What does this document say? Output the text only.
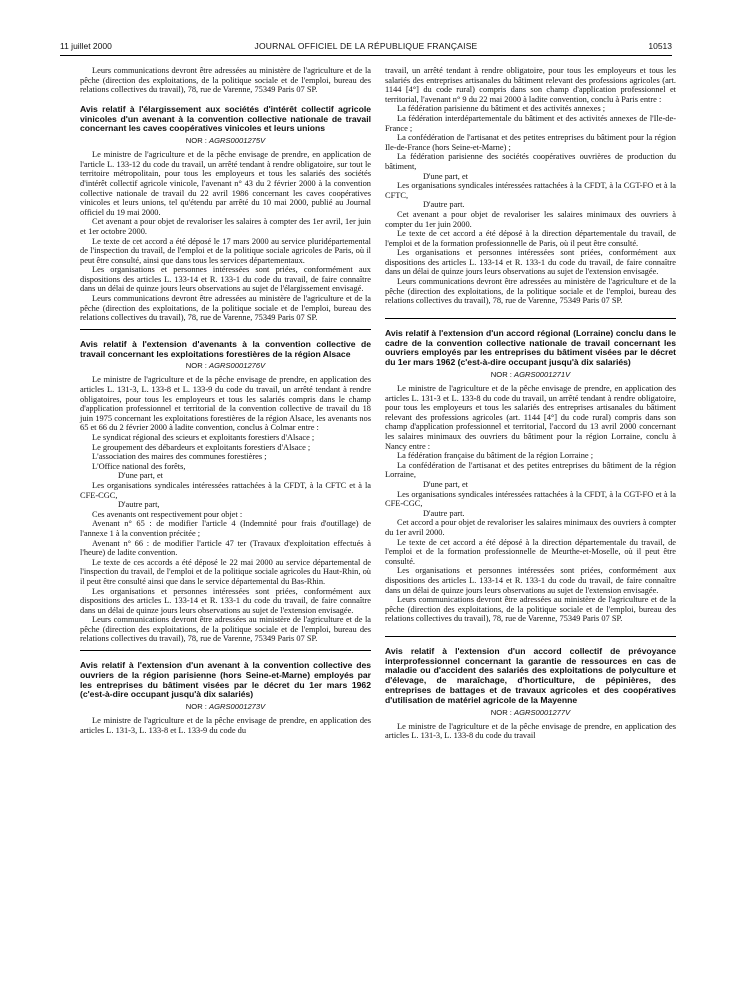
11 juillet 2000	JOURNAL OFFICIEL DE LA RÉPUBLIQUE FRANÇAISE	10513

Leurs communications devront être adressées au ministère de l'agriculture et de la pêche (direction des exploitations, de la politique sociale et de l'emploi, bureau des relations collectives du travail), 78, rue de Varenne, 75349 Paris 07 SP.

Avis relatif à l'élargissement aux sociétés d'intérêt collectif agricole vinicoles d'un avenant à la convention collective nationale de travail concernant les caves coopératives vinicoles et leurs unions
NOR : AGRS0001275V

Le ministre de l'agriculture et de la pêche envisage de prendre, en application de l'article L. 133-12 du code du travail, un arrêté tendant à rendre obligatoire, sur tout le territoire métropolitain, pour tous les employeurs et tous les salariés des sociétés d'intérêt collectif agricole vinicole, l'avenant n° 43 du 2 février 2000 à la convention collective nationale de travail du 22 avril 1986 concernant les caves coopératives vinicoles et leurs unions, tel qu'étendu par arrêté du 10 mai 2000, publié au Journal officiel du 19 mai 2000.

Cet avenant a pour objet de revaloriser les salaires à compter des 1er avril, 1er juin et 1er octobre 2000.

Le texte de cet accord a été déposé le 17 mars 2000 au service pluridépartemental de l'inspection du travail, de l'emploi et de la politique sociale agricoles de Paris, où il peut être consulté, ainsi que dans tous les services départementaux.

Les organisations et personnes intéressées sont priées, conformément aux dispositions des articles L. 133-14 et R. 133-1 du code du travail, de faire connaître dans un délai de quinze jours leurs observations au sujet de l'élargissement envisagé.

Leurs communications devront être adressées au ministère de l'agriculture et de la pêche (direction des exploitations, de la politique sociale et de l'emploi, bureau des relations collectives du travail), 78, rue de Varenne, 75349 Paris 07 SP.

Avis relatif à l'extension d'avenants à la convention collective de travail concernant les exploitations forestières de la région Alsace
NOR : AGRS0001276V

Le ministre de l'agriculture et de la pêche envisage de prendre, en application des articles L. 131-3, L. 133-8 et L. 133-9 du code du travail, un arrêté tendant à rendre obligatoires, pour tous les employeurs et tous les salariés compris dans le champ d'application professionnel et territorial de la convention collective de travail du 18 juin 1975 concernant les exploitations forestières de la région Alsace, les avenants nos 65 et 66 du 2 février 2000 à ladite convention, conclus à Colmar entre :

Le syndicat régional des scieurs et exploitants forestiers d'Alsace ;

Le groupement des débardeurs et exploitants forestiers d'Alsace ;

L'association des maires des communes forestières ;

L'Office national des forêts,

D'une part, et

Les organisations syndicales intéressées rattachées à la CFDT, à la CFTC et à la CFE-CGC,

D'autre part,

Ces avenants ont respectivement pour objet :

Avenant n° 65 : de modifier l'article 4 (Indemnité pour frais d'outillage) de l'annexe 1 à la convention précitée ;

Avenant n° 66 : de modifier l'article 47 ter (Travaux d'exploitation effectués à l'heure) de ladite convention.

Le texte de ces accords a été déposé le 22 mai 2000 au service départemental de l'inspection du travail, de l'emploi et de la politique sociale agricoles du Haut-Rhin, où il peut être consulté ainsi que dans le service départemental du Bas-Rhin.

Les organisations et personnes intéressées sont priées, conformément aux dispositions des articles L. 133-14 et R. 133-1 du code du travail, de faire connaître dans un délai de quinze jours leurs observations au sujet de l'extension envisagée.

Leurs communications devront être adressées au ministère de l'agriculture et de la pêche (direction des exploitations, de la politique sociale et de l'emploi, bureau des relations collectives du travail), 78, rue de Varenne, 75349 Paris 07 SP.

Avis relatif à l'extension d'un avenant à la convention collective des ouvriers de la région parisienne (hors Seine-et-Marne) employés par les entreprises du bâtiment visées par le décret du 1er mars 1962 (c'est-à-dire occupant jusqu'à dix salariés)
NOR : AGRS0001273V

Le ministre de l'agriculture et de la pêche envisage de prendre, en application des articles L. 131-3, L. 133-8 et L. 133-9 du code du

travail, un arrêté tendant à rendre obligatoire, pour tous les employeurs et tous les salariés des entreprises artisanales du bâtiment relevant des professions agricoles (art. 1144 [4°] du code rural) compris dans son champ d'application professionnel et territorial, l'avenant n° 9 du 22 mai 2000 à ladite convention, conclu à Paris entre :

La fédération parisienne du bâtiment et des activités annexes ;

La fédération interdépartementale du bâtiment et des activités annexes de l'Ile-de-France ;

La confédération de l'artisanat et des petites entreprises du bâtiment pour la région Ile-de-France (hors Seine-et-Marne) ;

La fédération parisienne des sociétés coopératives ouvrières de production du bâtiment,

D'une part, et

Les organisations syndicales intéressées rattachées à la CFDT, à la CGT-FO et à la CFTC,

D'autre part.

Cet avenant a pour objet de revaloriser les salaires minimaux des ouvriers à compter du 1er juin 2000.

Le texte de cet accord a été déposé à la direction départementale du travail, de l'emploi et de la formation professionnelle de Paris, où il peut être consulté.

Les organisations et personnes intéressées sont priées, conformément aux dispositions des articles L. 133-14 et R. 133-1 du code du travail, de faire connaître dans un délai de quinze jours leurs observations au sujet de l'extension envisagée.

Leurs communications devront être adressées au ministère de l'agriculture et de la pêche (direction des exploitations, de la politique sociale et de l'emploi, bureau des relations collectives du travail), 78, rue de Varenne, 75349 Paris 07 SP.

Avis relatif à l'extension d'un accord régional (Lorraine) conclu dans le cadre de la convention collective nationale de travail concernant les ouvriers employés par les entreprises du bâtiment visées par le décret du 1er mars 1962 (c'est-à-dire occupant jusqu'à dix salariés)
NOR : AGRS0001271V

Le ministre de l'agriculture et de la pêche envisage de prendre, en application des articles L. 131-3 et L. 133-8 du code du travail, un arrêté tendant à rendre obligatoire, pour tous les employeurs et tous les salariés des entreprises artisanales du bâtiment relevant des professions agricoles (art. 1144 [4°] du code rural) compris dans son champ d'application professionnel et territorial, l'accord du 13 avril 2000 concernant les salaires minimaux des ouvriers du bâtiment pour la région Lorraine, conclu à Nancy entre :

La fédération française du bâtiment de la région Lorraine ;

La confédération de l'artisanat et des petites entreprises du bâtiment de la région Lorraine,

D'une part, et

Les organisations syndicales intéressées rattachées à la CFDT, à la CGT-FO et à la CFE-CGC,

D'autre part.

Cet accord a pour objet de revaloriser les salaires minimaux des ouvriers à compter du 1er avril 2000.

Le texte de cet accord a été déposé à la direction départementale du travail, de l'emploi et de la formation professionnelle de Meurthe-et-Moselle, où il peut être consulté.

Les organisations et personnes intéressées sont priées, conformément aux dispositions des articles L. 133-14 et R. 133-1 du code du travail, de faire connaître dans un délai de quinze jours leurs observations au sujet de l'extension envisagée.

Leurs communications devront être adressées au ministère de l'agriculture et de la pêche (direction des exploitations, de la politique sociale et de l'emploi, bureau des relations collectives du travail), 78, rue de Varenne, 75349 Paris 07 SP.

Avis relatif à l'extension d'un accord collectif de prévoyance interprofessionnel concernant la garantie de ressources en cas de maladie ou d'accident des salariés des exploitations de polyculture et d'élevage, de maraîchage, d'horticulture, de pépinières, des entreprises de battages et de travaux agricoles et des coopératives d'utilisation de matériel agricole de la Mayenne
NOR : AGRS0001277V

Le ministre de l'agriculture et de la pêche envisage de prendre, en application des articles L. 131-3, L. 133-8 du code du travail
